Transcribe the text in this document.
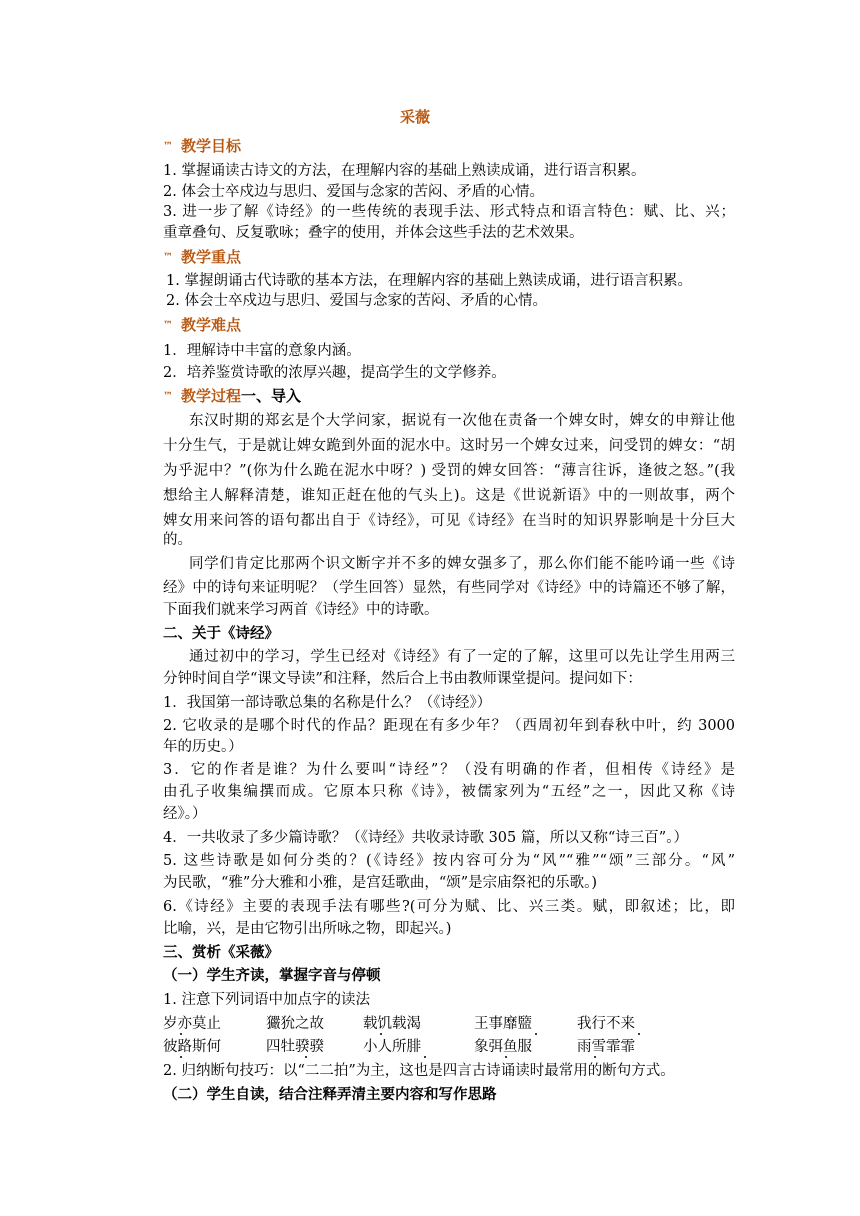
采薇
™ 教学目标
1. 掌握诵读古诗文的方法，在理解内容的基础上熟读成诵，进行语言积累。
2. 体会士卒戍边与思归、爱国与念家的苦闷、矛盾的心情。
3. 进一步了解《诗经》的一些传统的表现手法、形式特点和语言特色：赋、比、兴；
重章叠句、反复歌咏；叠字的使用，并体会这些手法的艺术效果。
™ 教学重点
1. 掌握朗诵古代诗歌的基本方法，在理解内容的基础上熟读成诵，进行语言积累。
2. 体会士卒戍边与思归、爱国与念家的苦闷、矛盾的心情。
™ 教学难点
1．理解诗中丰富的意象内涵。
2．培养鉴赏诗歌的浓厚兴趣，提高学生的文学修养。
™ 教学过程一、导入
东汉时期的郑玄是个大学问家，据说有一次他在责备一个婢女时，婢女的申辩让他
十分生气，于是就让婢女跪到外面的泥水中。这时另一个婢女过来，问受罚的婢女：“胡
为乎泥中？”(你为什么跪在泥水中呀？) 受罚的婢女回答：“薄言往诉，逢彼之怒。”(我
想给主人解释清楚，谁知正赶在他的气头上)。这是《世说新语》中的一则故事，两个
婢女用来问答的语句都出自于《诗经》，可见《诗经》在当时的知识界影响是十分巨大
的。
同学们肯定比那两个识文断字并不多的婢女强多了，那么你们能不能吟诵一些《诗
经》中的诗句来证明呢？（学生回答）显然，有些同学对《诗经》中的诗篇还不够了解，
下面我们就来学习两首《诗经》中的诗歌。
二、关于《诗经》
通过初中的学习，学生已经对《诗经》有了一定的了解，这里可以先让学生用两三
分钟时间自学“课文导读”和注释，然后合上书由教师课堂提问。提问如下：
1．我国第一部诗歌总集的名称是什么？（《诗经》）
2. 它收录的是哪个时代的作品？距现在有多少年？（西周初年到春秋中叶，约 3000
年的历史。）
3．它的作者是谁？为什么要叫“诗经”？（没有明确的作者，但相传《诗经》是
由孔子收集编撰而成。它原本只称《诗》，被儒家列为“五经”之一，因此又称《诗
经》。）
4．一共收录了多少篇诗歌？（《诗经》共收录诗歌 305 篇，所以又称“诗三百”。）
5. 这些诗歌是如何分类的？(《诗经》按内容可分为“风”“雅”“颂”三部分。“风”
为民歌，“雅”分大雅和小雅，是宫廷歌曲，“颂”是宗庙祭祀的乐歌。)
6.《诗经》主要的表现手法有哪些?(可分为赋、比、兴三类。赋，即叙述；比，即
比喻，兴，是由它物引出所咏之物，即起兴。)
三、赏析《采薇》
（一）学生齐读，掌握字音与停顿
1. 注意下列词语中加点字的读法
岁亦莫止	玁狁之故	载饥载渴	王事靡盬	我行不来
彼路斯何	四牡骙骙	小人所腓	象弭鱼服	雨雪霏霏
2. 归纳断句技巧：以“二二拍”为主，这也是四言古诗诵读时最常用的断句方式。
（二）学生自读，结合注释弄清主要内容和写作思路
